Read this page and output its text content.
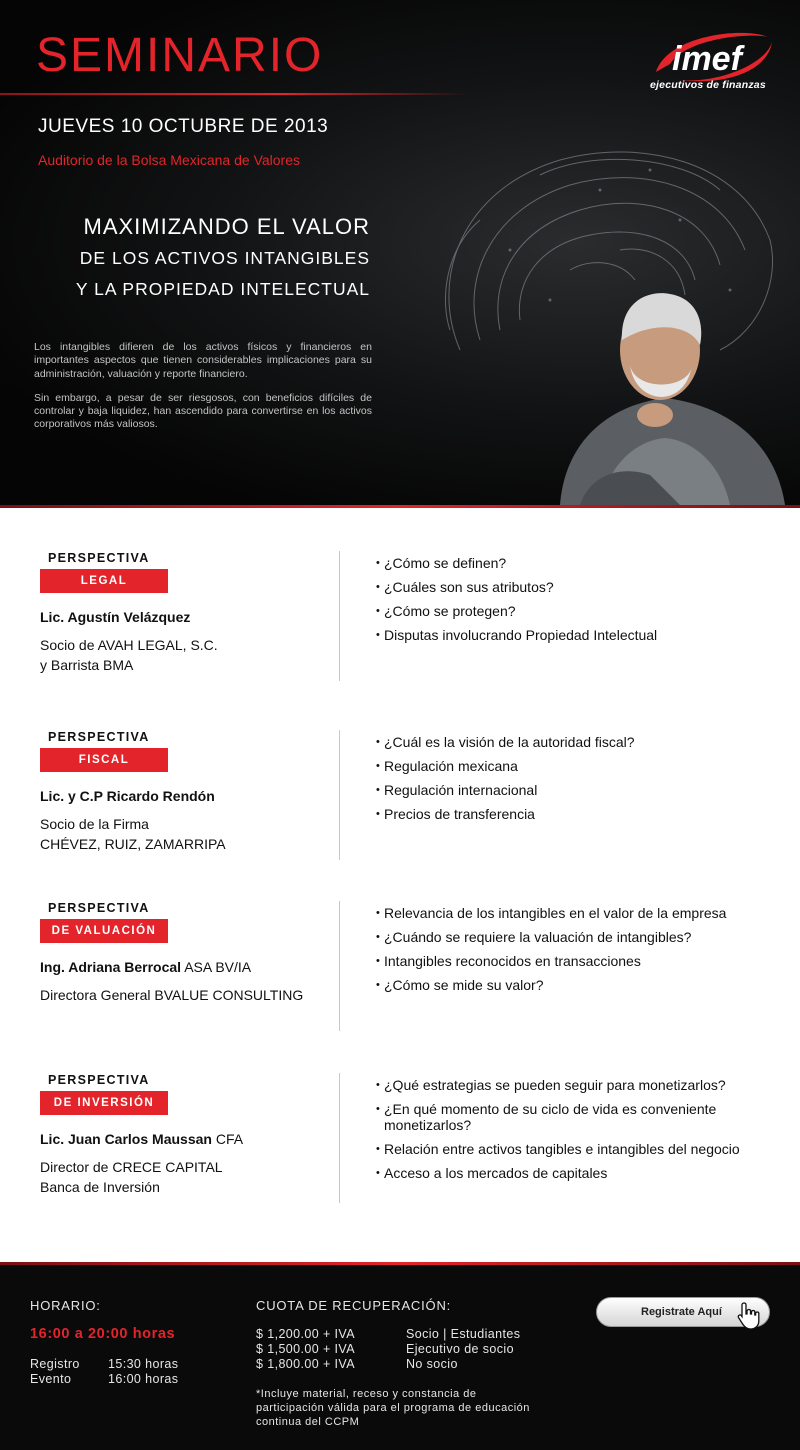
SEMINARIO
JUEVES 10 OCTUBRE DE 2013
Auditorio de la Bolsa Mexicana de Valores
MAXIMIZANDO EL VALOR
DE LOS ACTIVOS INTANGIBLES
Y LA PROPIEDAD INTELECTUAL

Los intangibles difieren de los activos físicos y financieros en importantes aspectos que tienen considerables implicaciones para su administración, valuación y reporte financiero.

Sin embargo, a pesar de ser riesgosos, con beneficios difíciles de controlar y baja liquidez, han ascendido para convertirse en los activos corporativos más valiosos.

imef
ejecutivos de finanzas
PERSPECTIVA
LEGAL
Lic. Agustín Velázquez
Socio de AVAH LEGAL, S.C.
y Barrista BMA
• ¿Cómo se definen?
• ¿Cuáles son sus atributos?
• ¿Cómo se protegen?
• Disputas involucrando Propiedad Intelectual
PERSPECTIVA
FISCAL
Lic. y C.P Ricardo Rendón
Socio de la Firma
CHÉVEZ, RUIZ, ZAMARRIPA
• ¿Cuál es la visión de la autoridad fiscal?
• Regulación mexicana
• Regulación internacional
• Precios de transferencia
PERSPECTIVA
DE VALUACIÓN
Ing. Adriana Berrocal ASA BV/IA
Directora General BVALUE CONSULTING
• Relevancia de los intangibles en el valor de la empresa
• ¿Cuándo se requiere la valuación de intangibles?
• Intangibles reconocidos en transacciones
• ¿Cómo se mide su valor?
PERSPECTIVA
DE INVERSIÓN
Lic. Juan Carlos Maussan CFA
Director de CRECE CAPITAL
Banca de Inversión
• ¿Qué estrategias se pueden seguir para monetizarlos?
• ¿En qué momento de su ciclo de vida es conveniente monetizarlos?
• Relación entre activos tangibles e intangibles del negocio
• Acceso a los mercados de capitales
HORARIO:
16:00 a 20:00 horas
Registro
Evento
15:30 horas
16:00 horas
CUOTA DE RECUPERACIÓN:
$ 1,200.00 + IVA
$ 1,500.00 + IVA
$ 1,800.00 + IVA
Socio | Estudiantes
Ejecutivo de socio
No socio
*Incluye material, receso y constancia de participación válida para el programa de educación continua del CCPM
Registrate Aquí
